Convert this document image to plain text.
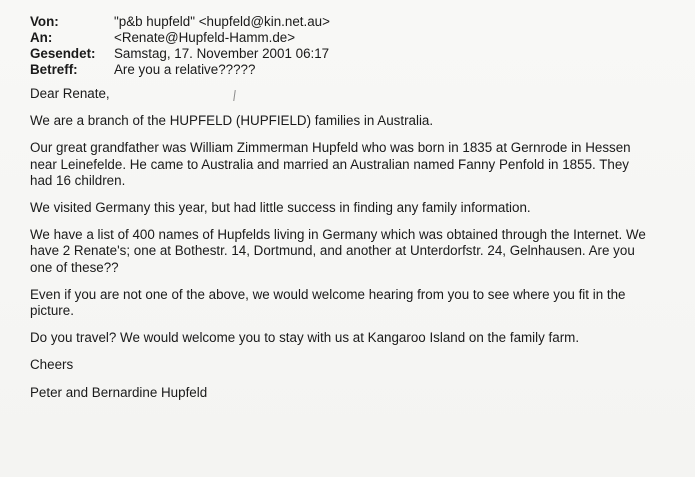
Von:	"p&b hupfeld" <hupfeld@kin.net.au>
An:	<Renate@Hupfeld-Hamm.de>
Gesendet:	Samstag, 17. November 2001 06:17
Betreff:	Are you a relative?????

Dear Renate,

We are a branch of the HUPFELD (HUPFIELD) families in Australia.

Our great grandfather was William Zimmerman Hupfeld who was born in 1835 at Gernrode in Hessen
near Leinefelde. He came to Australia and married an Australian named Fanny Penfold in 1855. They
had 16 children.

We visited Germany this year, but had little success in finding any family information.

We have a list of 400 names of Hupfelds living in Germany which was obtained through the Internet. We
have 2 Renate's; one at Bothestr. 14, Dortmund, and another at Unterdorfstr. 24, Gelnhausen. Are you
one of these??

Even if you are not one of the above, we would welcome hearing from you to see where you fit in the
picture.

Do you travel? We would welcome you to stay with us at Kangaroo Island on the family farm.

Cheers

Peter and Bernardine Hupfeld
